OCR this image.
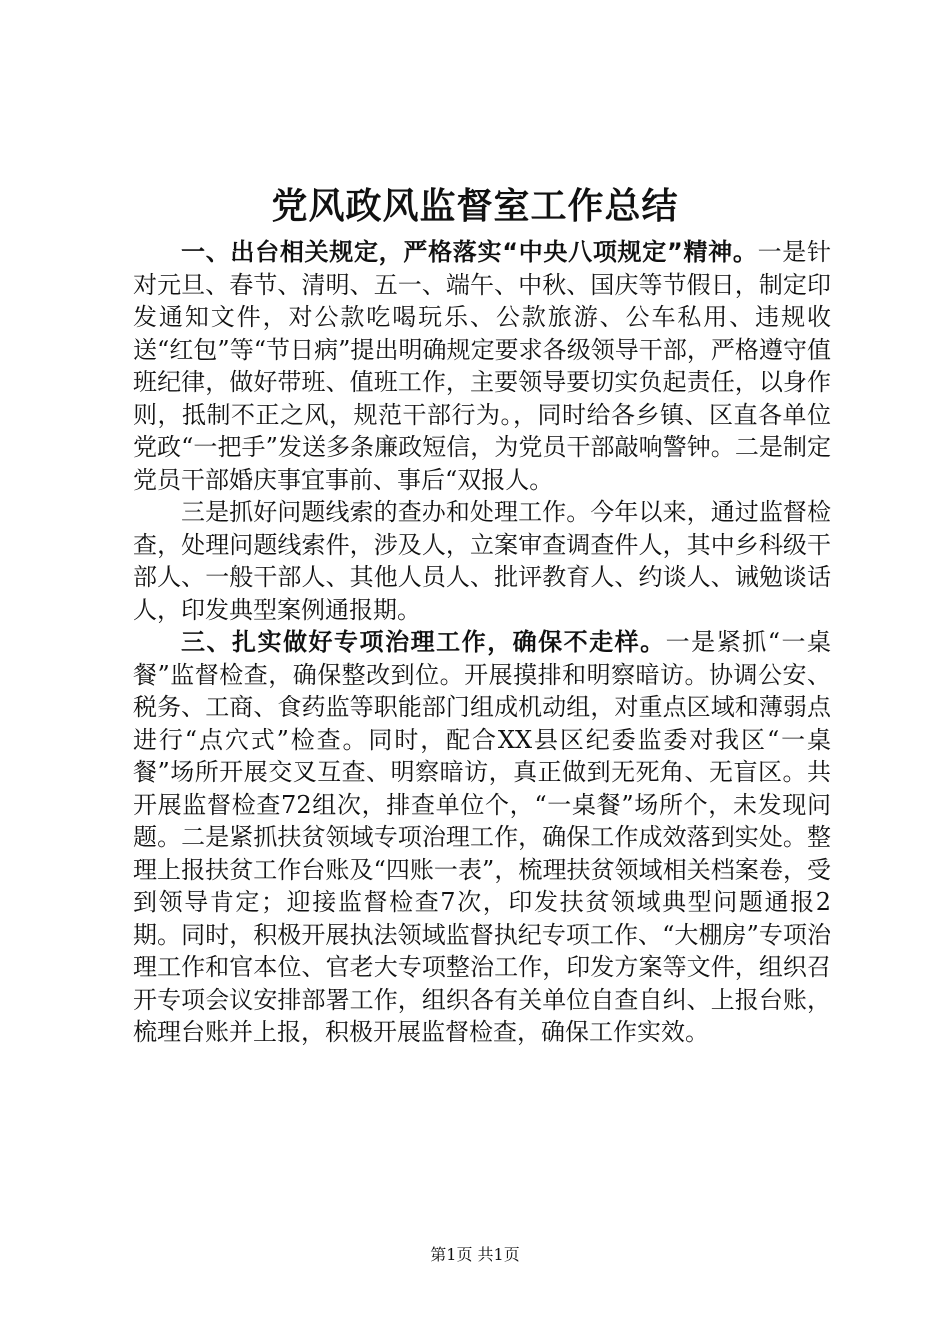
党风政风监督室工作总结

一、出台相关规定，严格落实“中央八项规定”精神。一是针对元旦、春节、清明、五一、端午、中秋、国庆等节假日，制定印发通知文件，对公款吃喝玩乐、公款旅游、公车私用、违规收送“红包”等“节日病”提出明确规定要求各级领导干部，严格遵守值班纪律，做好带班、值班工作，主要领导要切实负起责任，以身作则，抵制不正之风，规范干部行为。，同时给各乡镇、区直各单位党政“一把手”发送多条廉政短信，为党员干部敲响警钟。二是制定党员干部婚庆事宜事前、事后“双报人。

三是抓好问题线索的查办和处理工作。今年以来，通过监督检查，处理问题线索件，涉及人，立案审查调查件人，其中乡科级干部人、一般干部人、其他人员人、批评教育人、约谈人、诫勉谈话人，印发典型案例通报期。

三、扎实做好专项治理工作，确保不走样。一是紧抓“一桌餐”监督检查，确保整改到位。开展摸排和明察暗访。协调公安、税务、工商、食药监等职能部门组成机动组，对重点区域和薄弱点进行“点穴式”检查。同时，配合XX县区纪委监委对我区“一桌餐”场所开展交叉互查、明察暗访，真正做到无死角、无盲区。共开展监督检查72组次，排查单位个，“一桌餐”场所个，未发现问题。二是紧抓扶贫领域专项治理工作，确保工作成效落到实处。整理上报扶贫工作台账及“四账一表”，梳理扶贫领域相关档案卷，受到领导肯定；迎接监督检查7次，印发扶贫领域典型问题通报2期。同时，积极开展执法领域监督执纪专项工作、“大棚房”专项治理工作和官本位、官老大专项整治工作，印发方案等文件，组织召开专项会议安排部署工作，组织各有关单位自查自纠、上报台账，梳理台账并上报，积极开展监督检查，确保工作实效。

第1页 共1页
